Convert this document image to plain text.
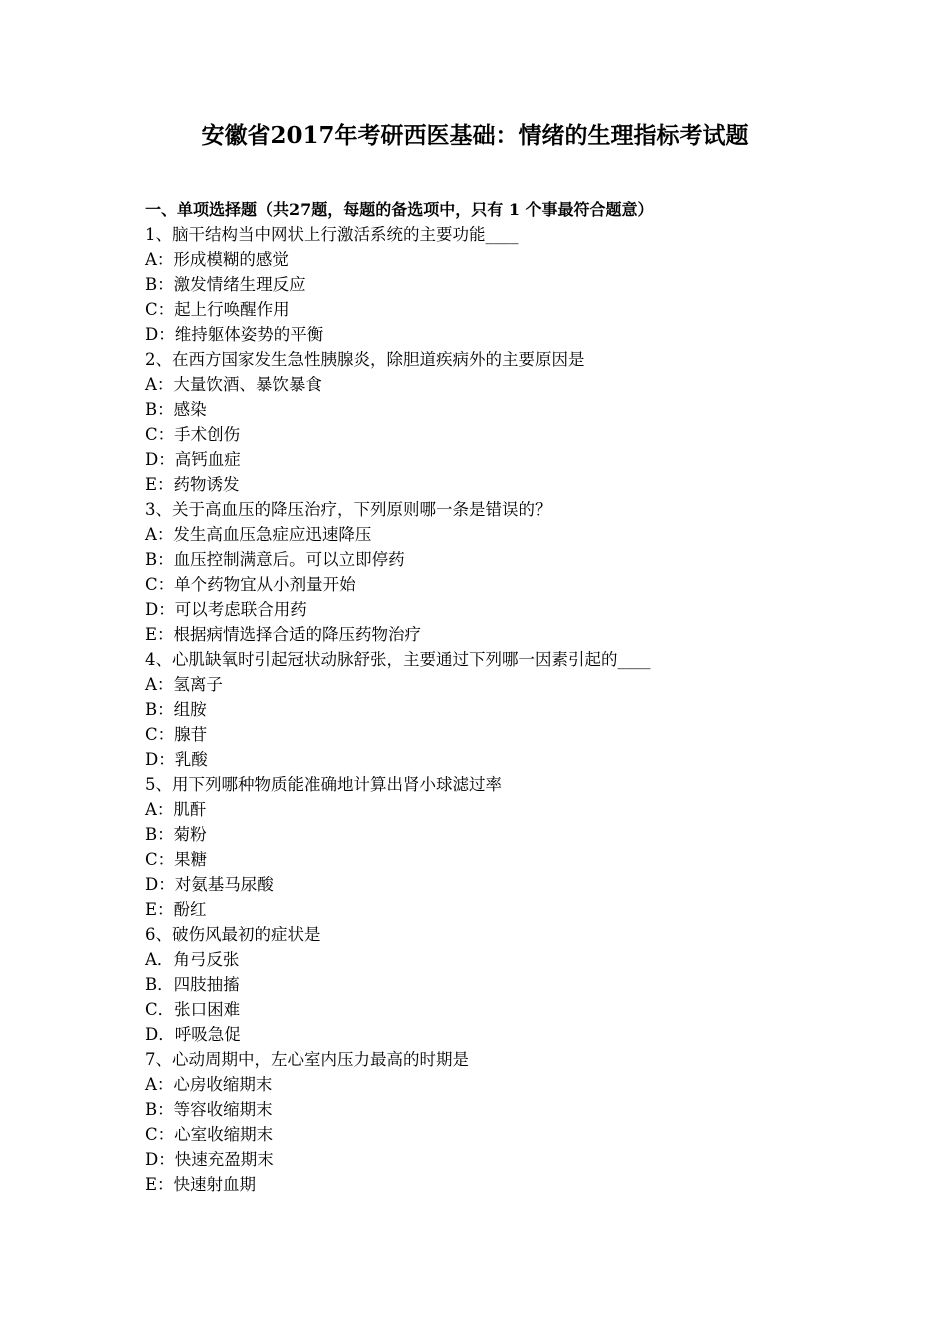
安徽省2017年考研西医基础：情绪的生理指标考试题
一、单项选择题（共27题，每题的备选项中，只有 1 个事最符合题意）
1、脑干结构当中网状上行激活系统的主要功能____
A：形成模糊的感觉
B：激发情绪生理反应
C：起上行唤醒作用
D：维持躯体姿势的平衡
2、在西方国家发生急性胰腺炎，除胆道疾病外的主要原因是
A：大量饮酒、暴饮暴食
B：感染
C：手术创伤
D：高钙血症
E：药物诱发
3、关于高血压的降压治疗，下列原则哪一条是错误的？
A：发生高血压急症应迅速降压
B：血压控制满意后。可以立即停药
C：单个药物宜从小剂量开始
D：可以考虑联合用药
E：根据病情选择合适的降压药物治疗
4、心肌缺氧时引起冠状动脉舒张，主要通过下列哪一因素引起的____
A：氢离子
B：组胺
C：腺苷
D：乳酸
5、用下列哪种物质能准确地计算出肾小球滤过率
A：肌酐
B：菊粉
C：果糖
D：对氨基马尿酸
E：酚红
6、破伤风最初的症状是
A．角弓反张
B．四肢抽搐
C．张口困难
D．呼吸急促
7、心动周期中，左心室内压力最高的时期是
A：心房收缩期末
B：等容收缩期末
C：心室收缩期末
D：快速充盈期末
E：快速射血期
